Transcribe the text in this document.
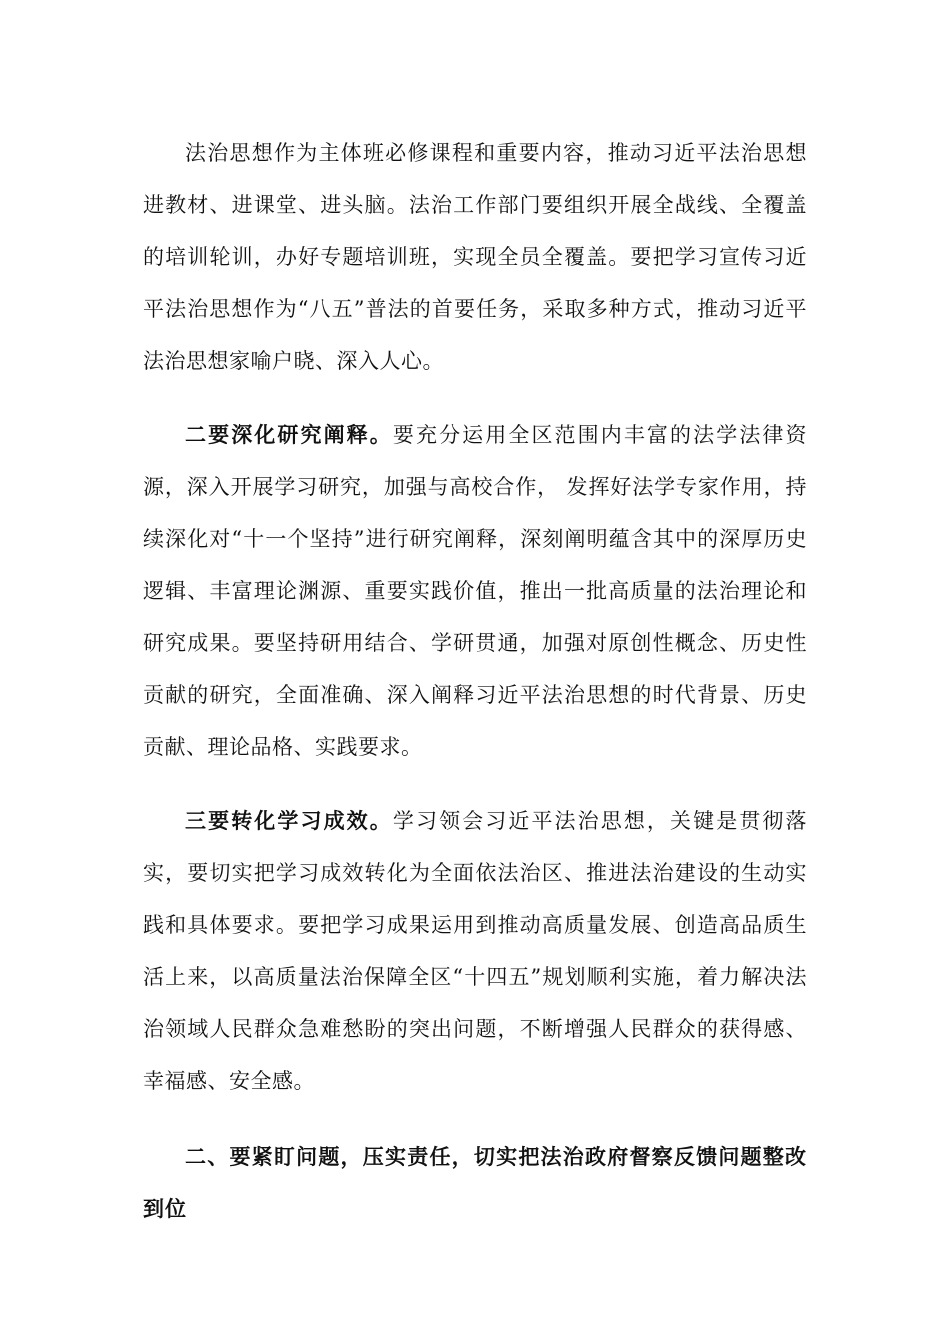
法治思想作为主体班必修课程和重要内容，推动习近平法治思想进教材、进课堂、进头脑。法治工作部门要组织开展全战线、全覆盖的培训轮训，办好专题培训班，实现全员全覆盖。要把学习宣传习近平法治思想作为“八五”普法的首要任务，采取多种方式，推动习近平法治思想家喻户晓、深入人心。

二要深化研究阐释。要充分运用全区范围内丰富的法学法律资源，深入开展学习研究，加强与高校合作， 发挥好法学专家作用，持续深化对“十一个坚持”进行研究阐释，深刻阐明蕴含其中的深厚历史逻辑、丰富理论渊源、重要实践价值，推出一批高质量的法治理论和研究成果。要坚持研用结合、学研贯通，加强对原创性概念、历史性贡献的研究，全面准确、深入阐释习近平法治思想的时代背景、历史贡献、理论品格、实践要求。

三要转化学习成效。学习领会习近平法治思想，关键是贯彻落实，要切实把学习成效转化为全面依法治区、推进法治建设的生动实践和具体要求。要把学习成果运用到推动高质量发展、创造高品质生活上来，以高质量法治保障全区“十四五”规划顺利实施，着力解决法治领域人民群众急难愁盼的突出问题，不断增强人民群众的获得感、幸福感、安全感。

二、要紧盯问题，压实责任，切实把法治政府督察反馈问题整改到位
